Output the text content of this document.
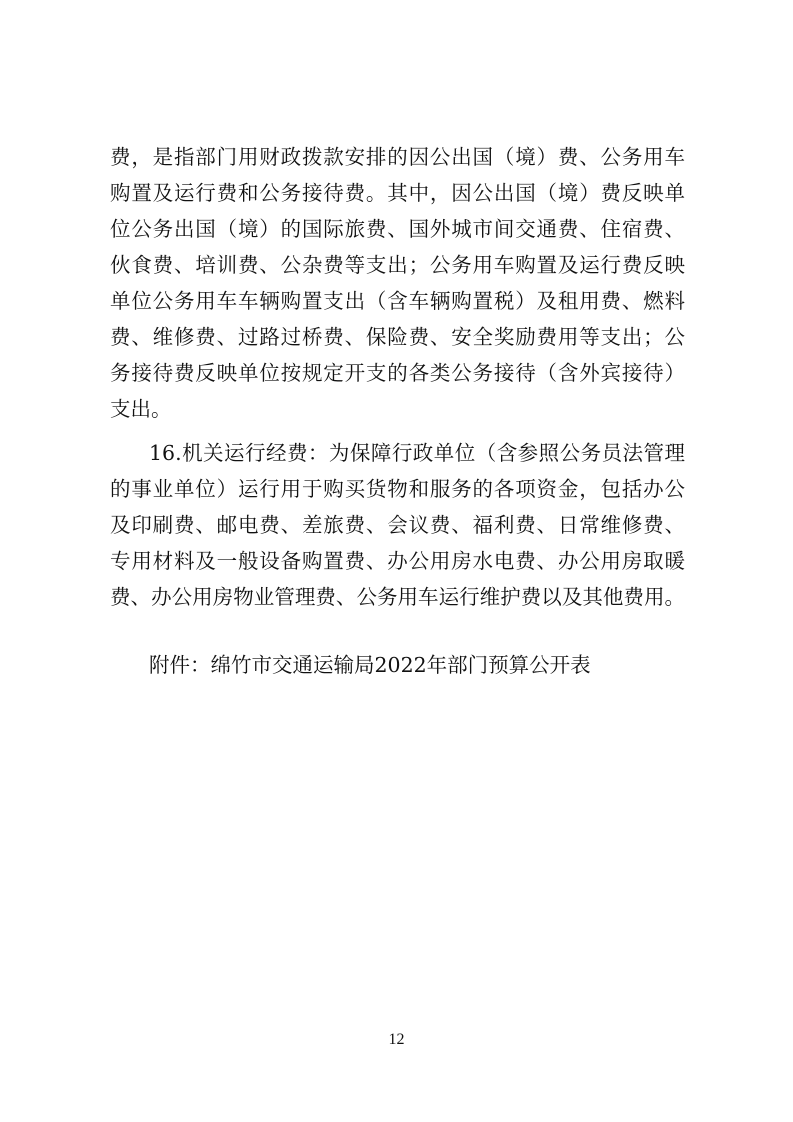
费，是指部门用财政拨款安排的因公出国（境）费、公务用车
购置及运行费和公务接待费。其中，因公出国（境）费反映单
位公务出国（境）的国际旅费、国外城市间交通费、住宿费、
伙食费、培训费、公杂费等支出；公务用车购置及运行费反映
单位公务用车车辆购置支出（含车辆购置税）及租用费、燃料
费、维修费、过路过桥费、保险费、安全奖励费用等支出；公
务接待费反映单位按规定开支的各类公务接待（含外宾接待）
支出。
16.机关运行经费：为保障行政单位（含参照公务员法管理
的事业单位）运行用于购买货物和服务的各项资金，包括办公
及印刷费、邮电费、差旅费、会议费、福利费、日常维修费、
专用材料及一般设备购置费、办公用房水电费、办公用房取暖
费、办公用房物业管理费、公务用车运行维护费以及其他费用。
附件：绵竹市交通运输局2022年部门预算公开表
12
